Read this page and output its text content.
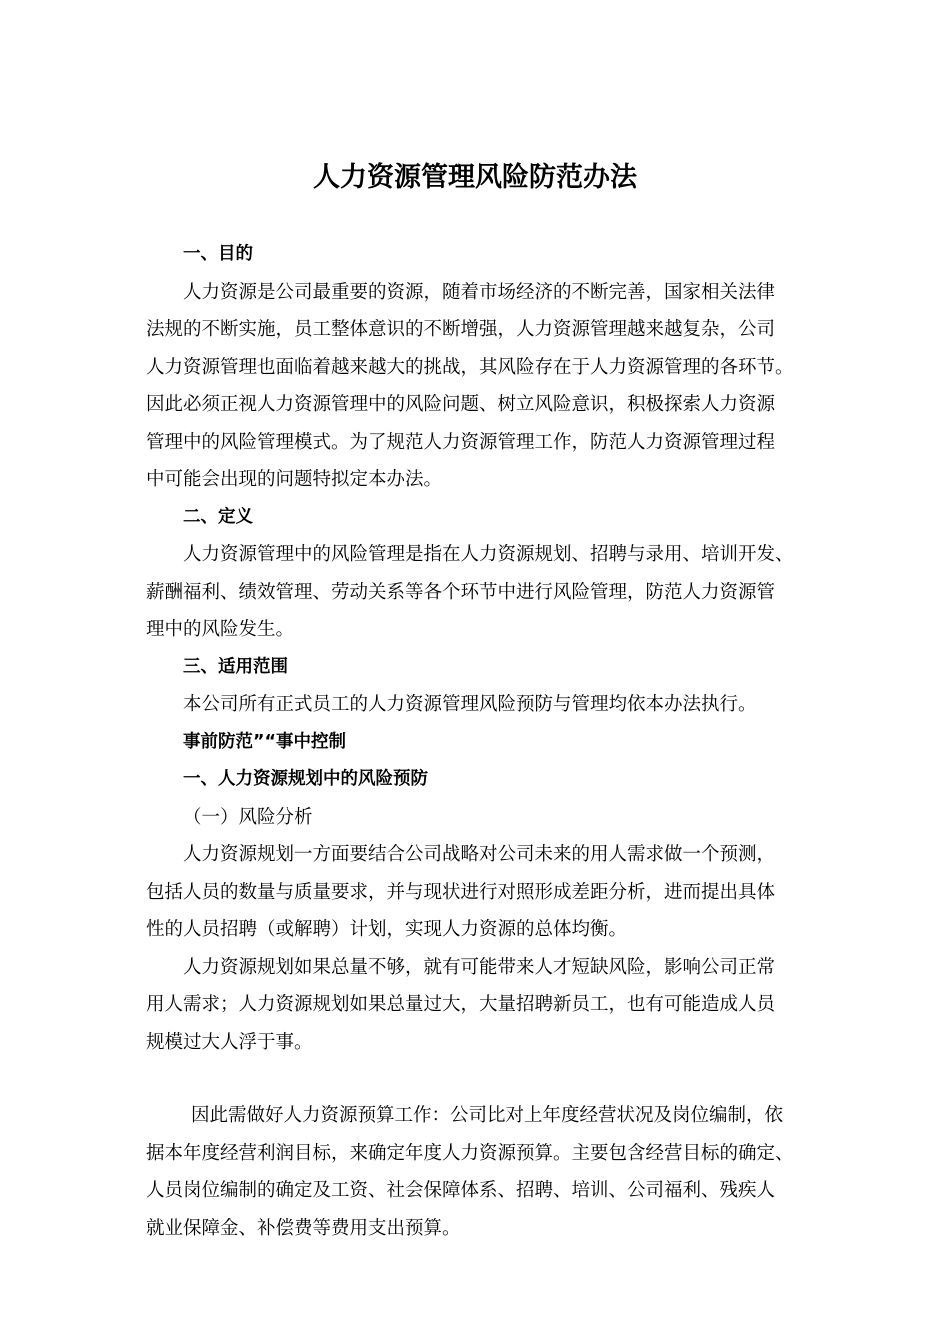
人力资源管理风险防范办法
一、目的
人力资源是公司最重要的资源，随着市场经济的不断完善，国家相关法律
法规的不断实施，员工整体意识的不断增强，人力资源管理越来越复杂，公司
人力资源管理也面临着越来越大的挑战，其风险存在于人力资源管理的各环节。
因此必须正视人力资源管理中的风险问题、树立风险意识，积极探索人力资源
管理中的风险管理模式。为了规范人力资源管理工作，防范人力资源管理过程
中可能会出现的问题特拟定本办法。
二、定义
人力资源管理中的风险管理是指在人力资源规划、招聘与录用、培训开发、
薪酬福利、绩效管理、劳动关系等各个环节中进行风险管理，防范人力资源管
理中的风险发生。
三、适用范围
本公司所有正式员工的人力资源管理风险预防与管理均依本办法执行。
事前防范”“事中控制
一、人力资源规划中的风险预防
（一）风险分析
人力资源规划一方面要结合公司战略对公司未来的用人需求做一个预测，
包括人员的数量与质量要求，并与现状进行对照形成差距分析，进而提出具体
性的人员招聘（或解聘）计划，实现人力资源的总体均衡。
人力资源规划如果总量不够，就有可能带来人才短缺风险，影响公司正常
用人需求；人力资源规划如果总量过大，大量招聘新员工，也有可能造成人员
规模过大人浮于事。
因此需做好人力资源预算工作：公司比对上年度经营状况及岗位编制，依
据本年度经营利润目标，来确定年度人力资源预算。主要包含经营目标的确定、
人员岗位编制的确定及工资、社会保障体系、招聘、培训、公司福利、残疾人
就业保障金、补偿费等费用支出预算。
